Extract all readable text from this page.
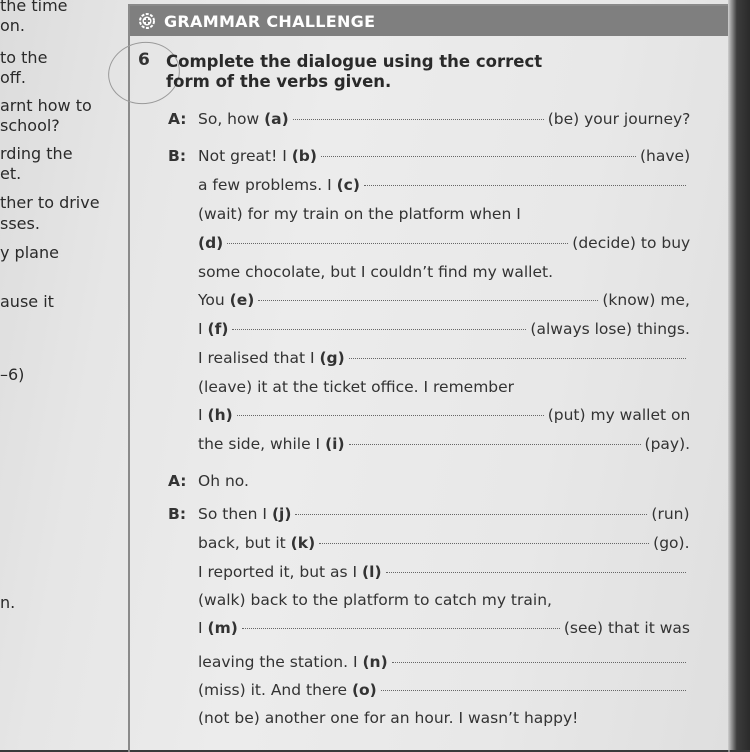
the time
on.
to the
off.
arnt how to
school?
rding the
et.
ther to drive
sses.
y plane
ause it
–6)
n.
GRAMMAR CHALLENGE
6 Complete the dialogue using the correct form of the verbs given.
A: So, how (a)	(be) your journey?
B: Not great! I (b)	(have)
a few problems. I (c)
(wait) for my train on the platform when I
(d)	(decide) to buy
some chocolate, but I couldn’t find my wallet.
You (e)	(know) me,
I (f)	(always lose) things.
I realised that I (g)
(leave) it at the ticket office. I remember
I (h)	(put) my wallet on
the side, while I (i)	(pay).
A: Oh no.
B: So then I (j)	(run)
back, but it (k)	(go).
I reported it, but as I (l)
(walk) back to the platform to catch my train,
I (m)	(see) that it was
leaving the station. I (n)
(miss) it. And there (o)
(not be) another one for an hour. I wasn’t happy!
